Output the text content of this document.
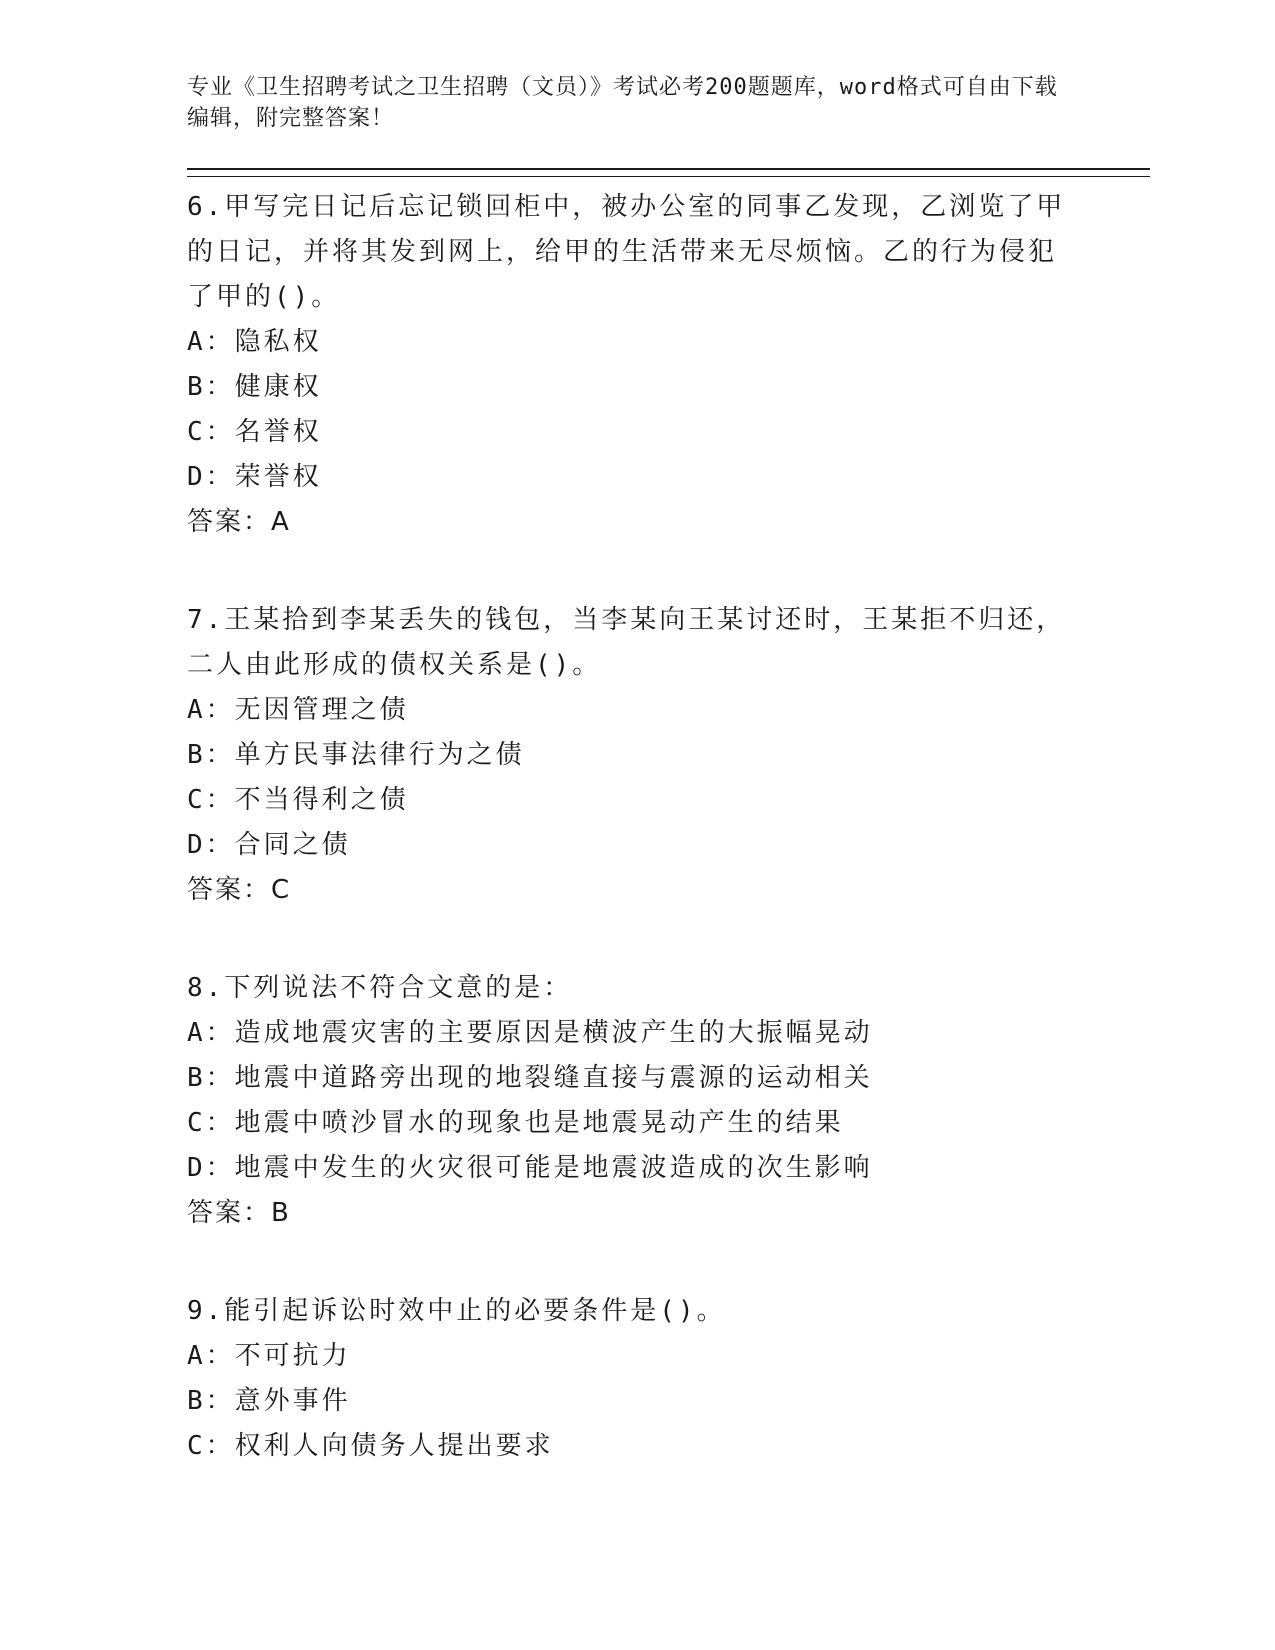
专业《卫生招聘考试之卫生招聘（文员）》考试必考200题题库，word格式可自由下载编辑，附完整答案！
6.甲写完日记后忘记锁回柜中，被办公室的同事乙发现，乙浏览了甲的日记，并将其发到网上，给甲的生活带来无尽烦恼。乙的行为侵犯了甲的()。
A：隐私权
B：健康权
C：名誉权
D：荣誉权
答案：A
7.王某拾到李某丢失的钱包，当李某向王某讨还时，王某拒不归还，二人由此形成的债权关系是()。
A：无因管理之债
B：单方民事法律行为之债
C：不当得利之债
D：合同之债
答案：C
8.下列说法不符合文意的是：
A：造成地震灾害的主要原因是横波产生的大振幅晃动
B：地震中道路旁出现的地裂缝直接与震源的运动相关
C：地震中喷沙冒水的现象也是地震晃动产生的结果
D：地震中发生的火灾很可能是地震波造成的次生影响
答案：B
9.能引起诉讼时效中止的必要条件是()。
A：不可抗力
B：意外事件
C：权利人向债务人提出要求
